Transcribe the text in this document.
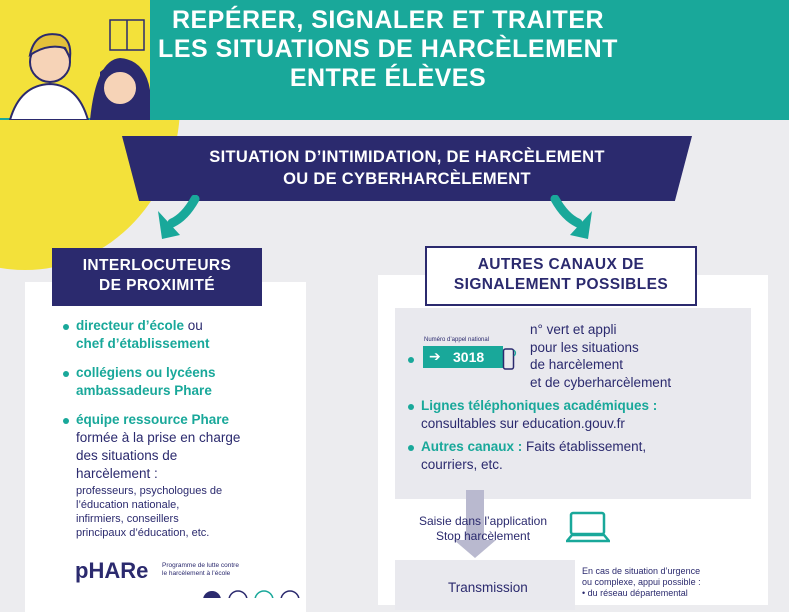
REPÉRER, SIGNALER ET TRAITER
LES SITUATIONS DE HARCÈLEMENT
ENTRE ÉLÈVES
SITUATION D’INTIMIDATION, DE HARCÈLEMENT
OU DE CYBERHARCÈLEMENT
INTERLOCUTEURS
DE PROXIMITÉ
directeur d’école ou
chef d’établissement
collégiens ou lycéens
ambassadeurs Phare
équipe ressource Phare
formée à la prise en charge
des situations de
harcèlement :
professeurs, psychologues de
l’éducation nationale,
infirmiers, conseillers
principaux d’éducation, etc.
pHARe Programme de lutte contre
le harcèlement à l’école
AUTRES CANAUX DE
SIGNALEMENT POSSIBLES
Numéro d’appel national
➔ 3018
n° vert et appli
pour les situations
de harcèlement
et de cyberharcèlement
Lignes téléphoniques académiques :
consultables sur education.gouv.fr
Autres canaux : Faits établissement,
courriers, etc.
Saisie dans l’application
Stop harcèlement
Transmission
En cas de situation d’urgence
ou complexe, appui possible :
• du réseau départemental
